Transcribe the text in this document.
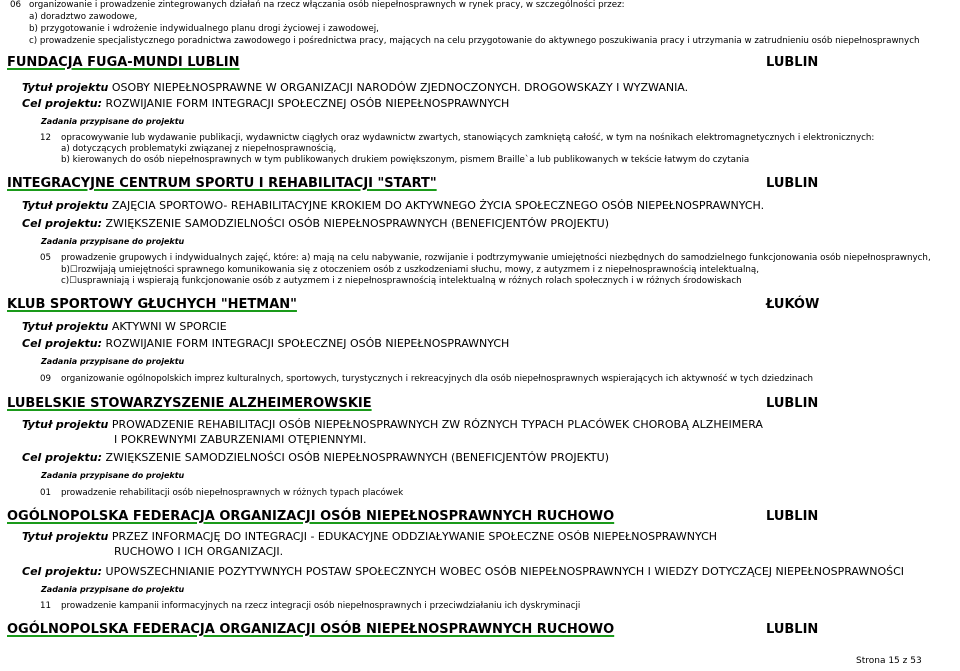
06 organizowanie i prowadzenie zintegrowanych działań na rzecz włączania osób niepełnosprawnych w rynek pracy, w szczególności przez:
a) doradztwo zawodowe,
b) przygotowanie i wdrożenie indywidualnego planu drogi życiowej i zawodowej,
c) prowadzenie specjalistycznego poradnictwa zawodowego i pośrednictwa pracy, mających na celu przygotowanie do aktywnego poszukiwania pracy i utrzymania w zatrudnieniu osób niepełnosprawnych
FUNDACJA FUGA-MUNDI LUBLIN	LUBLIN
Tytuł projektu OSOBY NIEPEŁNOSPRAWNE W ORGANIZACJI NARODÓW ZJEDNOCZONYCH. DROGOWSKAZY I WYZWANIA.
Cel projektu: ROZWIJANIE FORM INTEGRACJI SPOŁECZNEJ OSÓB NIEPEŁNOSPRAWNYCH
Zadania przypisane do projektu
12 opracowywanie lub wydawanie publikacji, wydawnictw ciągłych oraz wydawnictw zwartych, stanowiących zamkniętą całość, w tym na nośnikach elektromagnetycznych i elektronicznych:
a) dotyczących problematyki związanej z niepełnosprawnością,
b) kierowanych do osób niepełnosprawnych w tym publikowanych drukiem powiększonym, pismem Braille`a lub publikowanych w tekście łatwym do czytania
INTEGRACYJNE CENTRUM SPORTU I REHABILITACJI "START"	LUBLIN
Tytuł projektu ZAJĘCIA SPORTOWO- REHABILITACYJNE KROKIEM DO AKTYWNEGO ŻYCIA SPOŁECZNEGO OSÓB NIEPEŁNOSPRAWNYCH.
Cel projektu: ZWIĘKSZENIE SAMODZIELNOŚCI OSÓB NIEPEŁNOSPRAWNYCH (BENEFICJENTÓW PROJEKTU)
Zadania przypisane do projektu
05 prowadzenie grupowych i indywidualnych zajęć, które: a) mają na celu nabywanie, rozwijanie i podtrzymywanie umiejętności niezbędnych do samodzielnego funkcjonowania osób niepełnosprawnych,
b)☐rozwijają umiejętności sprawnego komunikowania się z otoczeniem osób z uszkodzeniami słuchu, mowy, z autyzmem i z niepełnosprawnością intelektualną,
c)☐usprawniają i wspierają funkcjonowanie osób z autyzmem i z niepełnosprawnością intelektualną w różnych rolach społecznych i w różnych środowiskach
KLUB SPORTOWY GŁUCHYCH "HETMAN"	ŁUKÓW
Tytuł projektu AKTYWNI W SPORCIE
Cel projektu: ROZWIJANIE FORM INTEGRACJI SPOŁECZNEJ OSÓB NIEPEŁNOSPRAWNYCH
Zadania przypisane do projektu
09 organizowanie ogólnopolskich imprez kulturalnych, sportowych, turystycznych i rekreacyjnych dla osób niepełnosprawnych wspierających ich aktywność w tych dziedzinach
LUBELSKIE STOWARZYSZENIE ALZHEIMEROWSKIE	LUBLIN
Tytuł projektu PROWADZENIE REHABILITACJI OSÓB NIEPEŁNOSPRAWNYCH ZW RÓZNYCH TYPACH PLACÓWEK CHOROBĄ ALZHEIMERA
I POKREWNYMI ZABURZENIAMI OTĘPIENNYMI.
Cel projektu: ZWIĘKSZENIE SAMODZIELNOŚCI OSÓB NIEPEŁNOSPRAWNYCH (BENEFICJENTÓW PROJEKTU)
Zadania przypisane do projektu
01 prowadzenie rehabilitacji osób niepełnosprawnych w różnych typach placówek
OGÓLNOPOLSKA FEDERACJA ORGANIZACJI OSÓB NIEPEŁNOSPRAWNYCH RUCHOWO	LUBLIN
Tytuł projektu PRZEZ INFORMACJĘ DO INTEGRACJI - EDUKACYJNE ODDZIAŁYWANIE SPOŁECZNE OSÓB NIEPEŁNOSPRAWNYCH
RUCHOWO I ICH ORGANIZACJI.
Cel projektu: UPOWSZECHNIANIE POZYTYWNYCH POSTAW SPOŁECZNYCH WOBEC OSÓB NIEPEŁNOSPRAWNYCH I WIEDZY DOTYCZĄCEJ NIEPEŁNOSPRAWNOŚCI
Zadania przypisane do projektu
11 prowadzenie kampanii informacyjnych na rzecz integracji osób niepełnosprawnych i przeciwdziałaniu ich dyskryminacji
OGÓLNOPOLSKA FEDERACJA ORGANIZACJI OSÓB NIEPEŁNOSPRAWNYCH RUCHOWO	LUBLIN
Strona 15 z 53
